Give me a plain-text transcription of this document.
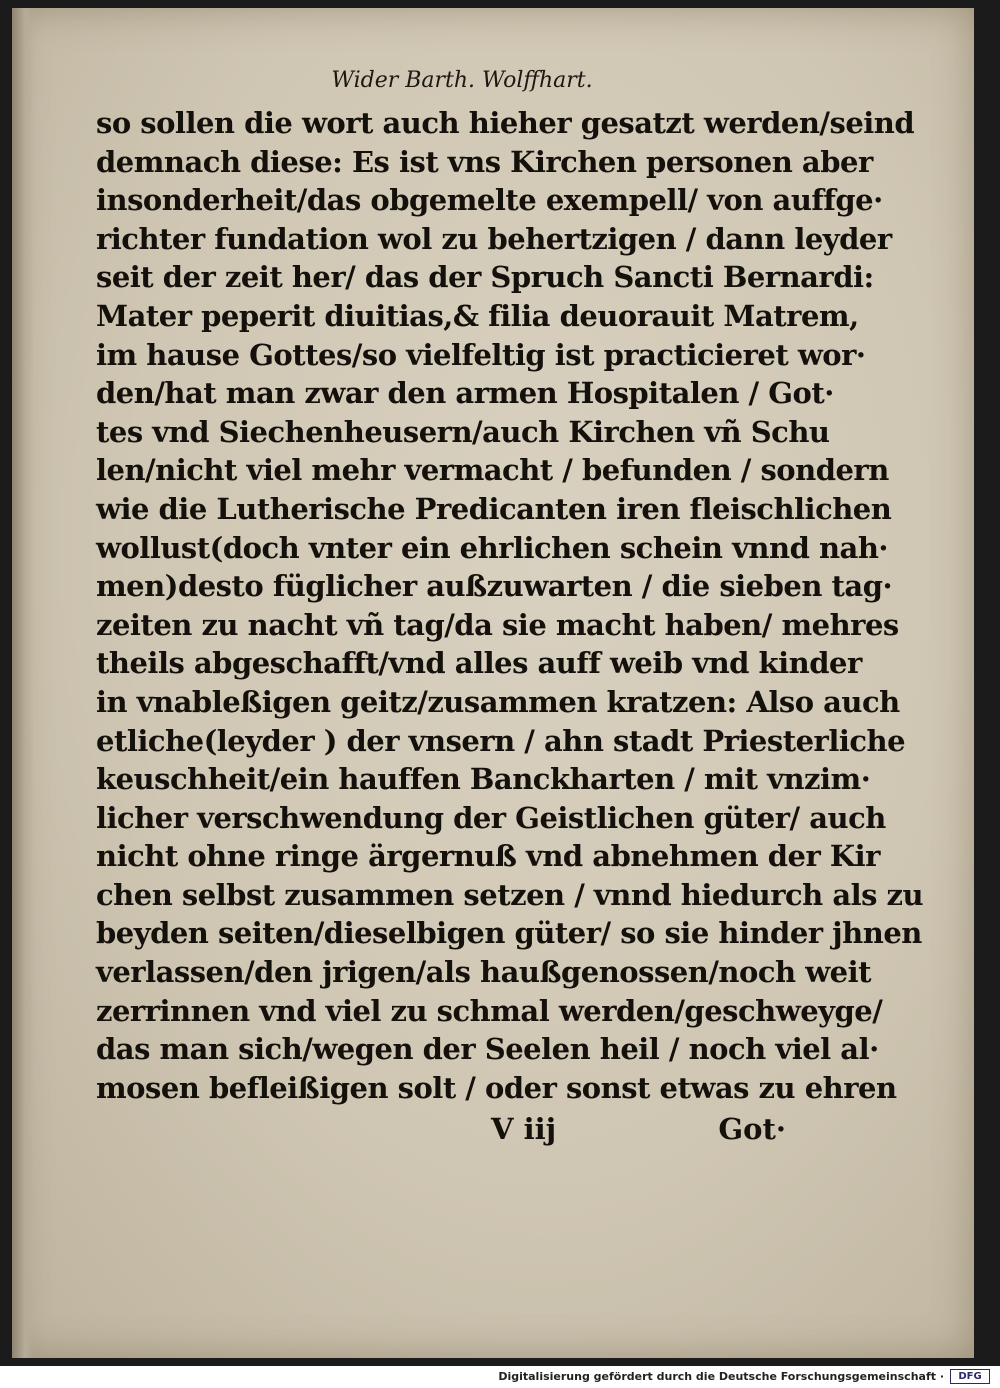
Wider Barth. Wolffhart.
so sollen die wort auch hieher gesatzt werden/seind
demnach diese: Es ist vns Kirchen personen aber
insonderheit/das obgemelte exempell/ von auffge·
richter fundation wol zu behertzigen / dann leyder
seit der zeit her/ das der Spruch Sancti Bernardi:
Mater peperit diuitias,& filia deuorauit Matrem,
im hause Gottes/so vielfeltig ist practicieret wor·
den/hat man zwar den armen Hospitalen / Got·
tes vnd Siechenheusern/auch Kirchen vñ Schu
len/nicht viel mehr vermacht / befunden / sondern
wie die Lutherische Predicanten iren fleischlichen
wollust(doch vnter ein ehrlichen schein vnnd nah·
men)desto füglicher außzuwarten / die sieben tag·
zeiten zu nacht vñ tag/da sie macht haben/ mehres
theils abgeschafft/vnd alles auff weib vnd kinder
in vnableßigen geitz/zusammen kratzen: Also auch
etliche(leyder ) der vnsern / ahn stadt Priesterliche
keuschheit/ein hauffen Banckharten / mit vnzim·
licher verschwendung der Geistlichen güter/ auch
nicht ohne ringe ärgernuß vnd abnehmen der Kir
chen selbst zusammen setzen / vnnd hiedurch als zu
beyden seiten/dieselbigen güter/ so sie hinder jhnen
verlassen/den jrigen/als haußgenossen/noch weit
zerrinnen vnd viel zu schmal werden/geschweyge/
das man sich/wegen der Seelen heil / noch viel al·
mosen befleißigen solt / oder sonst etwas zu ehren
V iij	Got·
Digitalisierung gefördert durch die Deutsche Forschungsgemeinschaft ·	DFG
